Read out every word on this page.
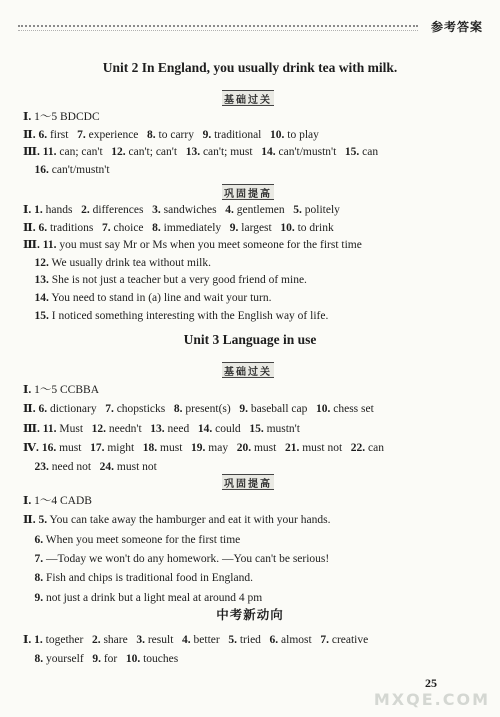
参考答案
Unit 2 In England, you usually drink tea with milk.
基础过关
巩固提高
Unit 3 Language in use
基础过关
巩固提高
中考新动向
25
MXQE.COM
Ⅰ. 1～5 BDCDC
Ⅱ. 6. first   7. experience   8. to carry   9. traditional   10. to play
Ⅲ. 11. can; can't   12. can't; can't   13. can't; must   14. can't/mustn't   15. can
16. can't/mustn't
Ⅰ. 1. hands   2. differences   3. sandwiches   4. gentlemen   5. politely
Ⅱ. 6. traditions   7. choice   8. immediately   9. largest   10. to drink
Ⅲ. 11. you must say Mr or Ms when you meet someone for the first time
12. We usually drink tea without milk.
13. She is not just a teacher but a very good friend of mine.
14. You need to stand in (a) line and wait your turn.
15. I noticed something interesting with the English way of life.
Ⅰ. 1～5 CCBBA
Ⅱ. 6. dictionary   7. chopsticks   8. present(s)   9. baseball cap   10. chess set
Ⅲ. 11. Must   12. needn't   13. need   14. could   15. mustn't
Ⅳ. 16. must   17. might   18. must   19. may   20. must   21. must not   22. can
23. need not   24. must not
Ⅰ. 1～4 CADB
Ⅱ. 5. You can take away the hamburger and eat it with your hands.
6. When you meet someone for the first time
7. —Today we won't do any homework. —You can't be serious!
8. Fish and chips is traditional food in England.
9. not just a drink but a light meal at around 4 pm
Ⅰ. 1. together   2. share   3. result   4. better   5. tried   6. almost   7. creative
8. yourself   9. for   10. touches
